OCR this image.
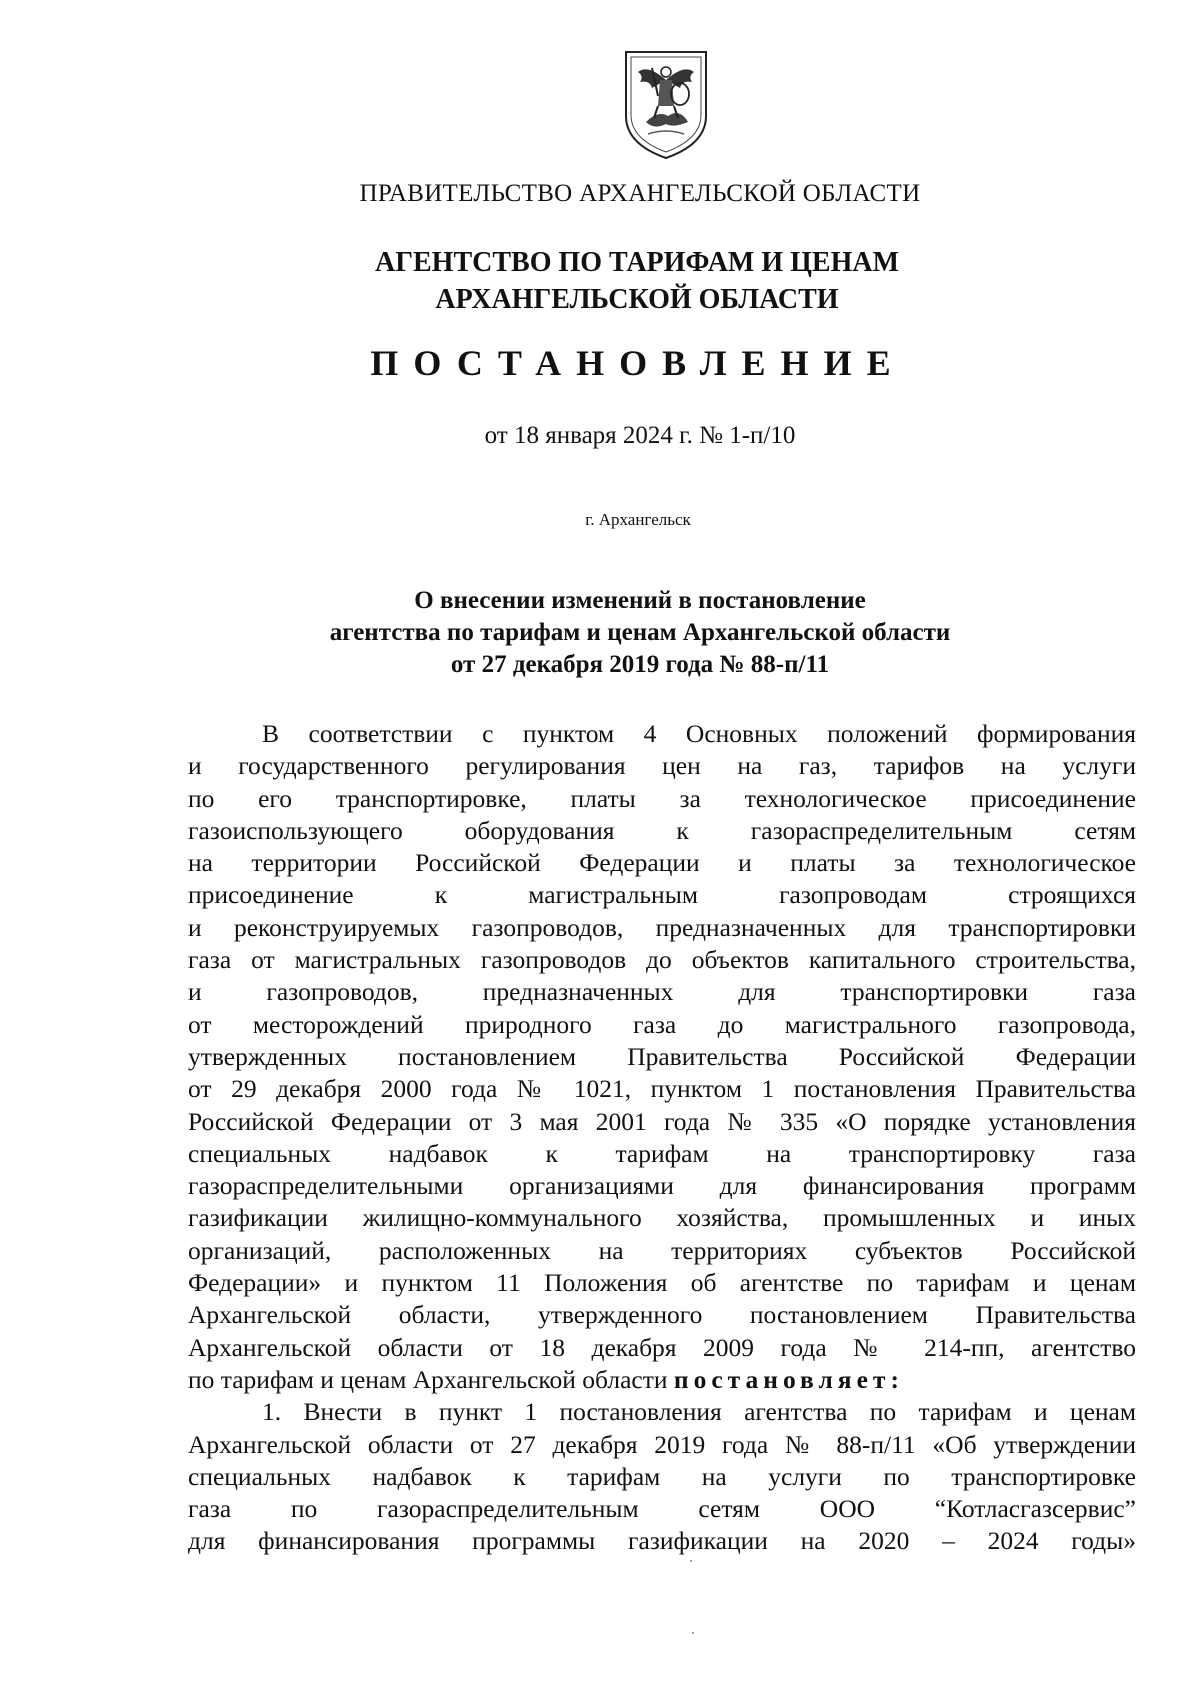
ПРАВИТЕЛЬСТВО АРХАНГЕЛЬСКОЙ ОБЛАСТИ
АГЕНТСТВО ПО ТАРИФАМ И ЦЕНАМ
АРХАНГЕЛЬСКОЙ ОБЛАСТИ
ПОСТАНОВЛЕНИЕ
от 18 января 2024 г. № 1-п/10
г. Архангельск
О внесении изменений в постановление
агентства по тарифам и ценам Архангельской области
от 27 декабря 2019 года № 88-п/11
В соответствии с пунктом 4 Основных положений формирования
и государственного регулирования цен на газ, тарифов на услуги
по его транспортировке, платы за технологическое присоединение
газоиспользующего оборудования к газораспределительным сетям
на территории Российской Федерации и платы за технологическое
присоединение к магистральным газопроводам строящихся
и реконструируемых газопроводов, предназначенных для транспортировки
газа от магистральных газопроводов до объектов капитального строительства,
и газопроводов, предназначенных для транспортировки газа
от месторождений природного газа до магистрального газопровода,
утвержденных постановлением Правительства Российской Федерации
от 29 декабря 2000 года № 1021, пунктом 1 постановления Правительства
Российской Федерации от 3 мая 2001 года № 335 «О порядке установления
специальных надбавок к тарифам на транспортировку газа
газораспределительными организациями для финансирования программ
газификации жилищно-коммунального хозяйства, промышленных и иных
организаций, расположенных на территориях субъектов Российской
Федерации» и пунктом 11 Положения об агентстве по тарифам и ценам
Архангельской области, утвержденного постановлением Правительства
Архангельской области от 18 декабря 2009 года № 214-пп, агентство
по тарифам и ценам Архангельской области постановляет:
1. Внести в пункт 1 постановления агентства по тарифам и ценам
Архангельской области от 27 декабря 2019 года № 88-п/11 «Об утверждении
специальных надбавок к тарифам на услуги по транспортировке
газа по газораспределительным сетям ООО “Котласгазсервис”
для финансирования программы газификации на 2020 – 2024 годы»
